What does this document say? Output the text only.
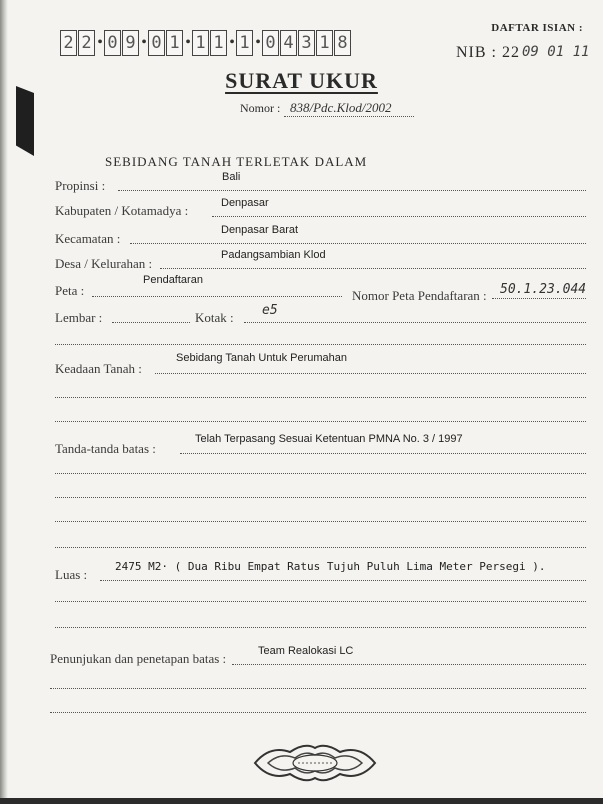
2 2 • 0 9 • 0 1 • 1 1 • 1 • 0 4 3 1 8
DAFTAR ISIAN :
NIB : 22 09 01 11
SURAT UKUR
Nomor : 838/Pdc.Klod/2002
SEBIDANG TANAH TERLETAK DALAM
Propinsi :
Bali
Kabupaten / Kotamadya :	Denpasar
Kecamatan :
Denpasar Barat
Desa / Kelurahan :
Padangsambian Klod
Peta :
Pendaftaran
Nomor Peta Pendaftaran : 50.1.23.044
Lembar :	Kotak : e5
Keadaan Tanah :
Sebidang Tanah Untuk Perumahan
Tanda-tanda batas :
Telah Terpasang Sesuai Ketentuan PMNA No. 3 / 1997
Luas :
2475 M2· ( Dua Ribu Empat Ratus Tujuh Puluh Lima Meter Persegi ).
Penunjukan dan penetapan batas :	Team Realokasi LC
